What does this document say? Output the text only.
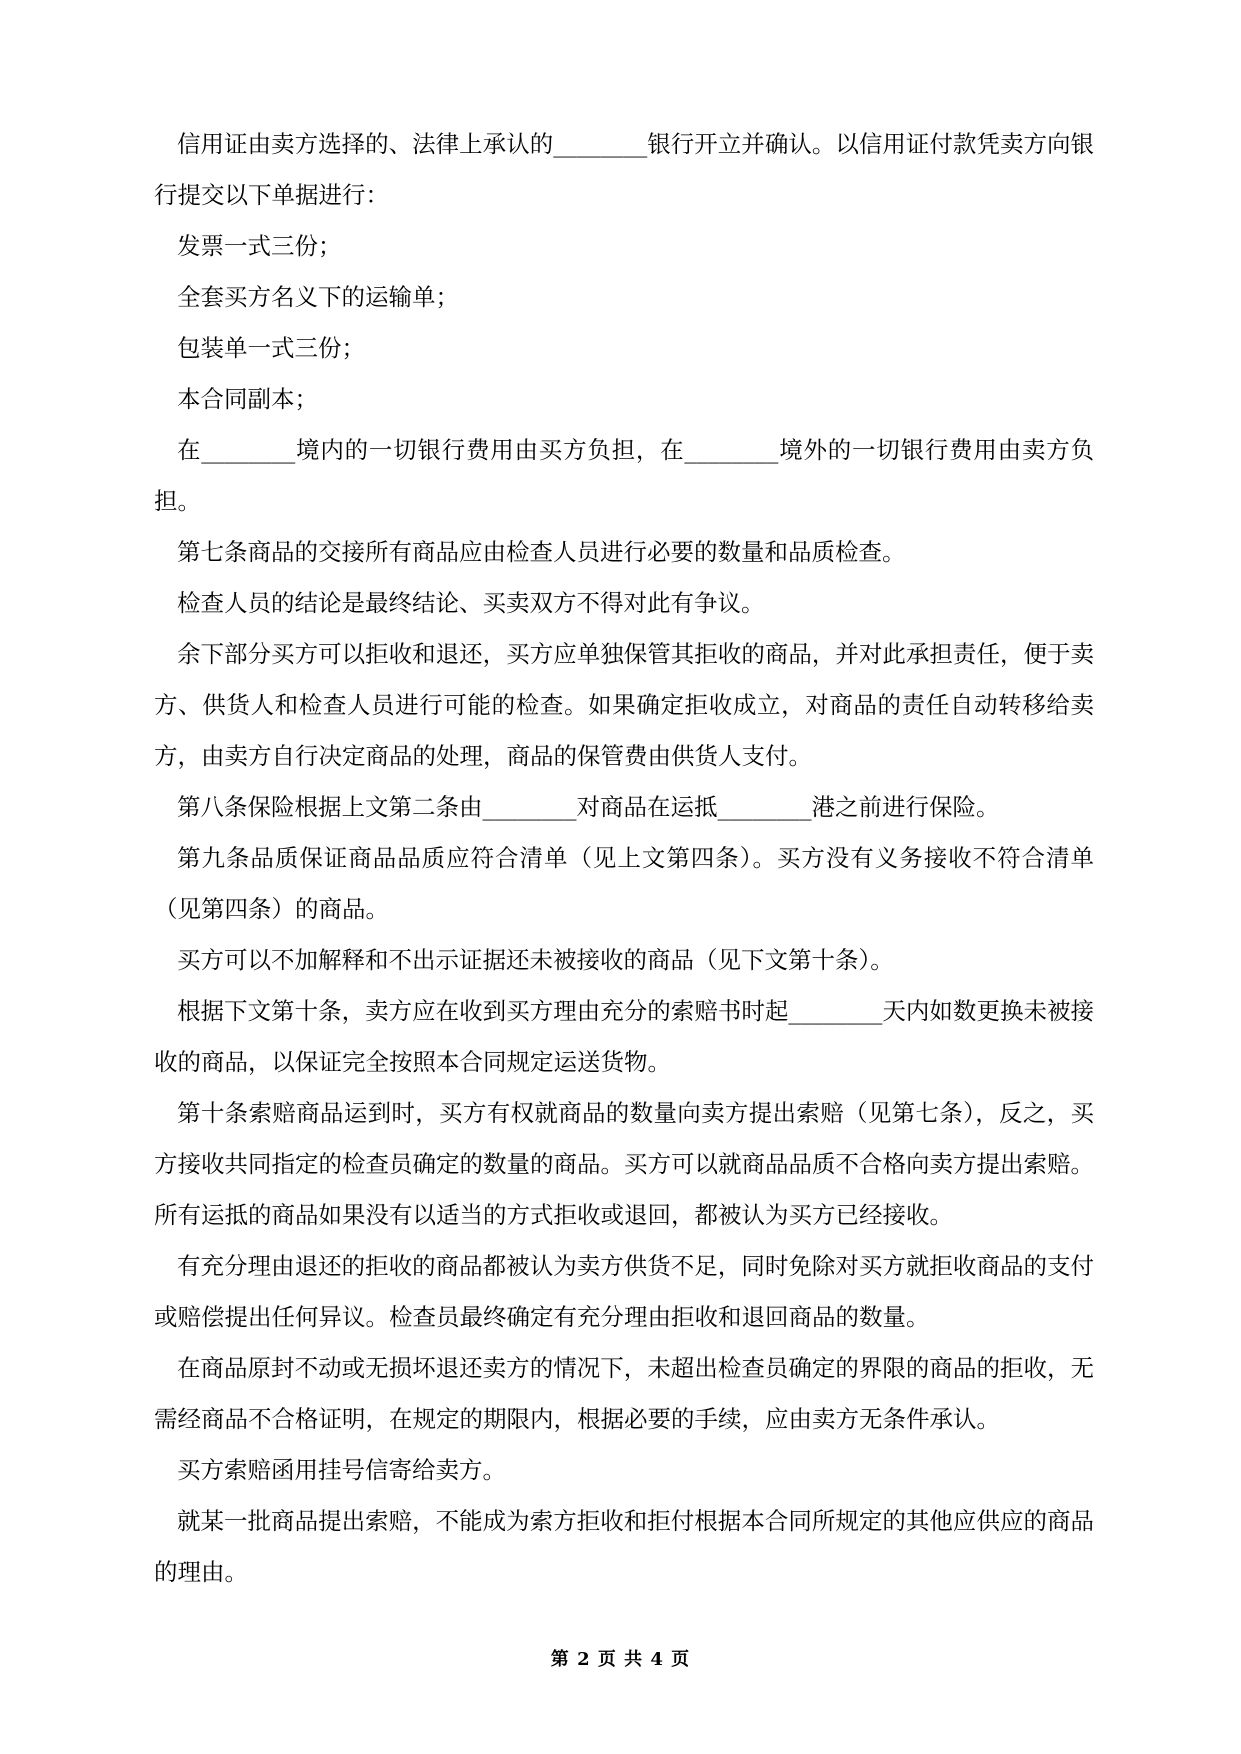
信用证由卖方选择的、法律上承认的________银行开立并确认。以信用证付款凭卖方向银行提交以下单据进行：

发票一式三份；

全套买方名义下的运输单；

包装单一式三份；

本合同副本；

在________境内的一切银行费用由买方负担，在________境外的一切银行费用由卖方负担。

第七条商品的交接所有商品应由检查人员进行必要的数量和品质检查。

检查人员的结论是最终结论、买卖双方不得对此有争议。

余下部分买方可以拒收和退还，买方应单独保管其拒收的商品，并对此承担责任，便于卖方、供货人和检查人员进行可能的检查。如果确定拒收成立，对商品的责任自动转移给卖方，由卖方自行决定商品的处理，商品的保管费由供货人支付。

第八条保险根据上文第二条由________对商品在运抵________港之前进行保险。

第九条品质保证商品品质应符合清单（见上文第四条）。买方没有义务接收不符合清单（见第四条）的商品。

买方可以不加解释和不出示证据还未被接收的商品（见下文第十条）。

根据下文第十条，卖方应在收到买方理由充分的索赔书时起________天内如数更换未被接收的商品，以保证完全按照本合同规定运送货物。

第十条索赔商品运到时，买方有权就商品的数量向卖方提出索赔（见第七条），反之，买方接收共同指定的检查员确定的数量的商品。买方可以就商品品质不合格向卖方提出索赔。所有运抵的商品如果没有以适当的方式拒收或退回，都被认为买方已经接收。

有充分理由退还的拒收的商品都被认为卖方供货不足，同时免除对买方就拒收商品的支付或赔偿提出任何异议。检查员最终确定有充分理由拒收和退回商品的数量。

在商品原封不动或无损坏退还卖方的情况下，未超出检查员确定的界限的商品的拒收，无需经商品不合格证明，在规定的期限内，根据必要的手续，应由卖方无条件承认。

买方索赔函用挂号信寄给卖方。

就某一批商品提出索赔，不能成为索方拒收和拒付根据本合同所规定的其他应供应的商品的理由。

第 2 页 共 4 页
